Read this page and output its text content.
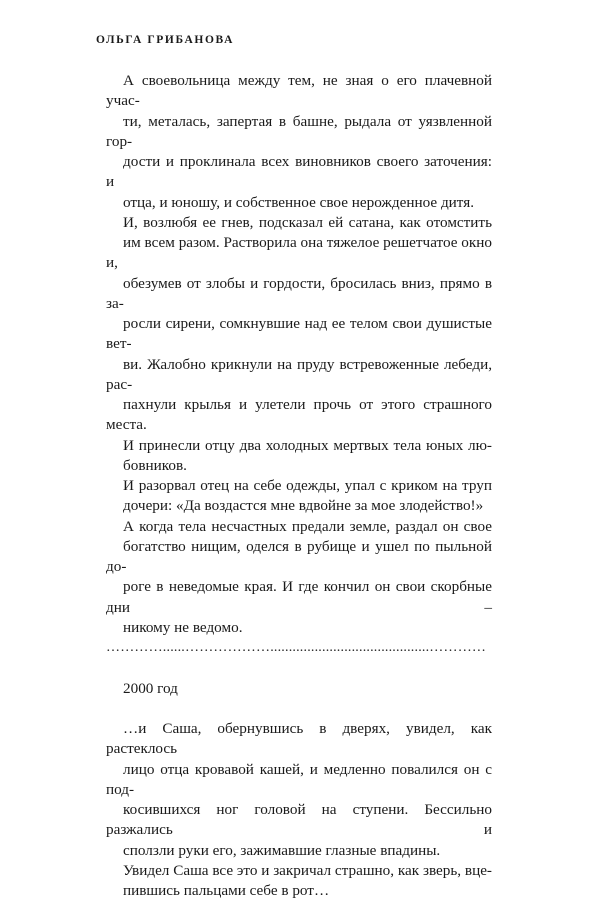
ОЛЬГА ГРИБАНОВА

А своевольница между тем, не зная о его плачевной учас-
ти, металась, запертая в башне, рыдала от уязвленной гор-
дости и проклинала всех виновников своего заточения: и
отца, и юношу, и собственное свое нерожденное дитя.

И, возлюбя ее гнев, подсказал ей сатана, как отомстить
им всем разом. Растворила она тяжелое решетчатое окно и,
обезумев от злобы и гордости, бросилась вниз, прямо в за-
росли сирени, сомкнувшие над ее телом свои душистые вет-
ви. Жалобно крикнули на пруду встревоженные лебеди, рас-
пахнули крылья и улетели прочь от этого страшного места.

И принесли отцу два холодных мертвых тела юных лю-
бовников.

И разорвал отец на себе одежды, упал с криком на труп
дочери: «Да воздастся мне вдвойне за мое злодейство!»

А когда тела несчастных предали земле, раздал он свое
богатство нищим, оделся в рубище и ушел по пыльной до-
роге в неведомые края. И где кончил он свои скорбные дни –
никому не ведомо.

…………......………………...........................................…………
2000 год

…и Саша, обернувшись в дверях, увидел, как растеклось
лицо отца кровавой кашей, и медленно повалился он с под-
косившихся ног головой на ступени. Бессильно разжались и
сползли руки его, зажимавшие глазные впадины.

Увидел Саша все это и закричал страшно, как зверь, вце-
пившись пальцами себе в рот…
